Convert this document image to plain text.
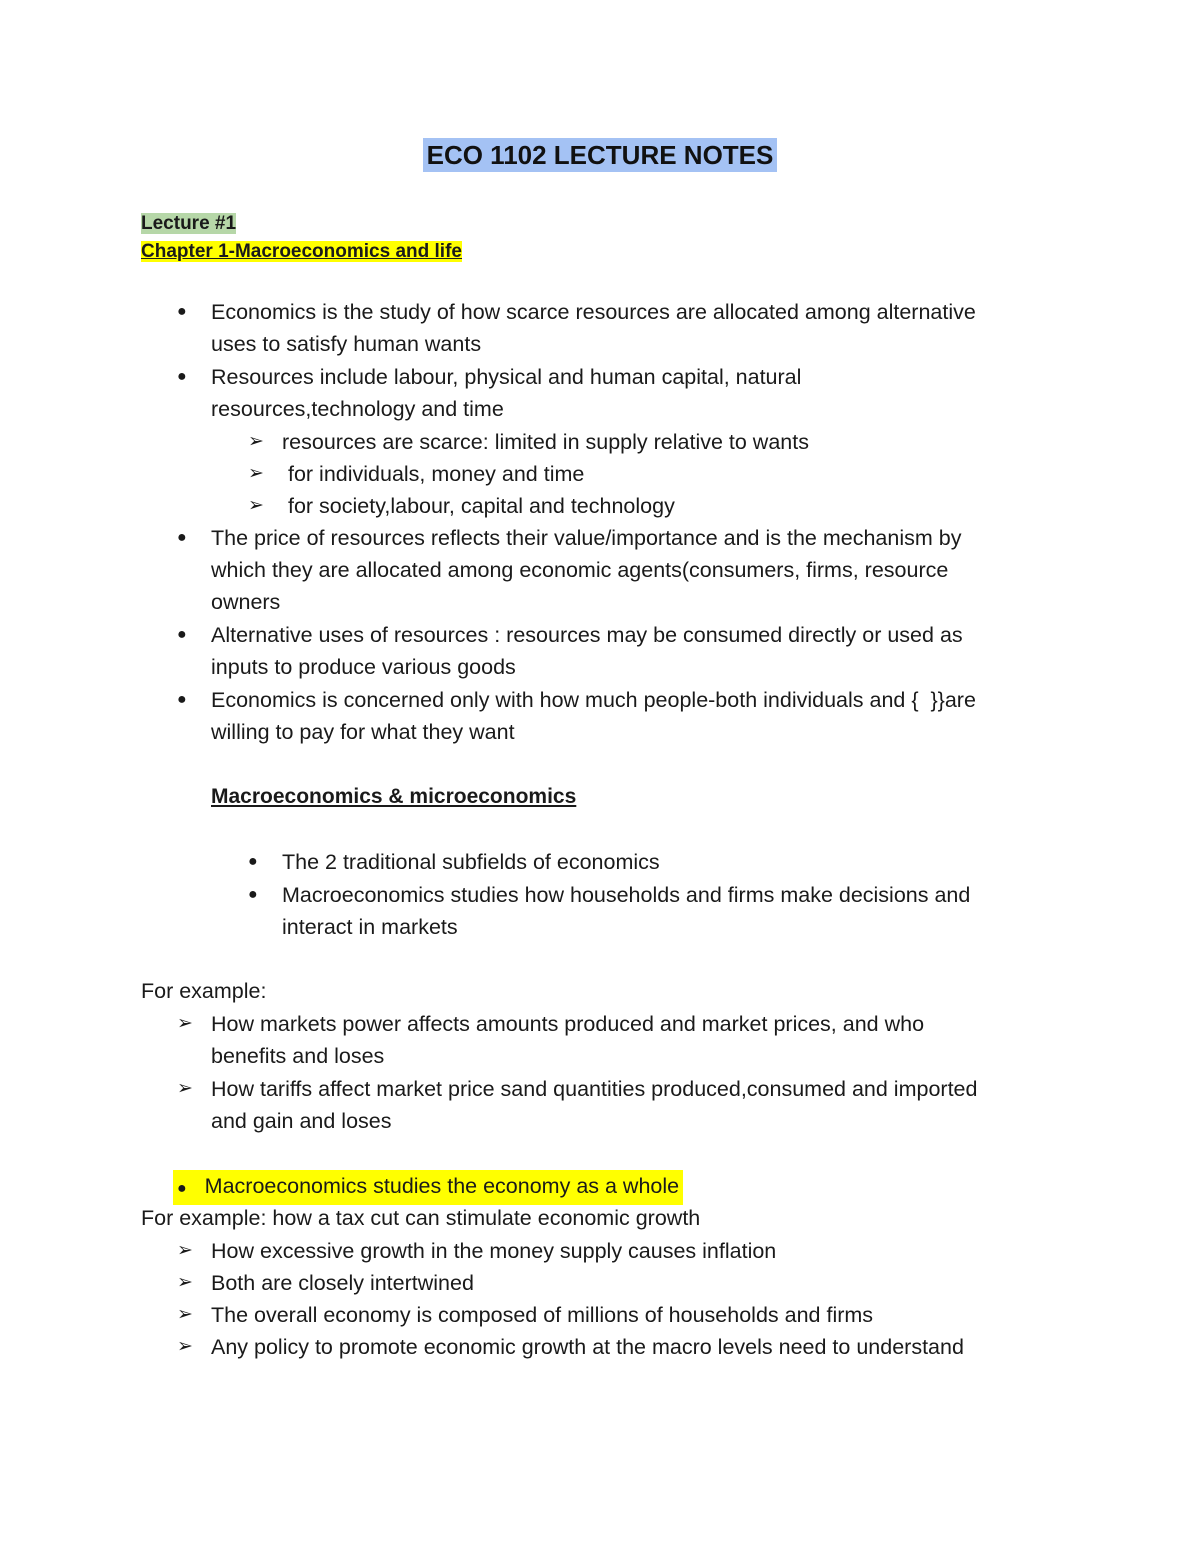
ECO 1102 LECTURE NOTES
Lecture #1
Chapter 1-Macroeconomics and life
● Economics is the study of how scarce resources are allocated among alternative
uses to satisfy human wants
● Resources include labour, physical and human capital, natural
resources,technology and time
➢ resources are scarce: limited in supply relative to wants
➢ for individuals, money and time
➢ for society,labour, capital and technology
● The price of resources reflects their value/importance and is the mechanism by
which they are allocated among economic agents(consumers, firms, resource
owners
● Alternative uses of resources : resources may be consumed directly or used as
inputs to produce various goods
● Economics is concerned only with how much people-both individuals and {  }}are
willing to pay for what they want
Macroeconomics & microeconomics
● The 2 traditional subfields of economics
● Macroeconomics studies how households and firms make decisions and
interact in markets
For example:
➢ How markets power affects amounts produced and market prices, and who
benefits and loses
➢ How tariffs affect market price sand quantities produced,consumed and imported
and gain and loses
● Macroeconomics studies the economy as a whole
For example: how a tax cut can stimulate economic growth
➢ How excessive growth in the money supply causes inflation
➢ Both are closely intertwined
➢ The overall economy is composed of millions of households and firms
➢ Any policy to promote economic growth at the macro levels need to understand
